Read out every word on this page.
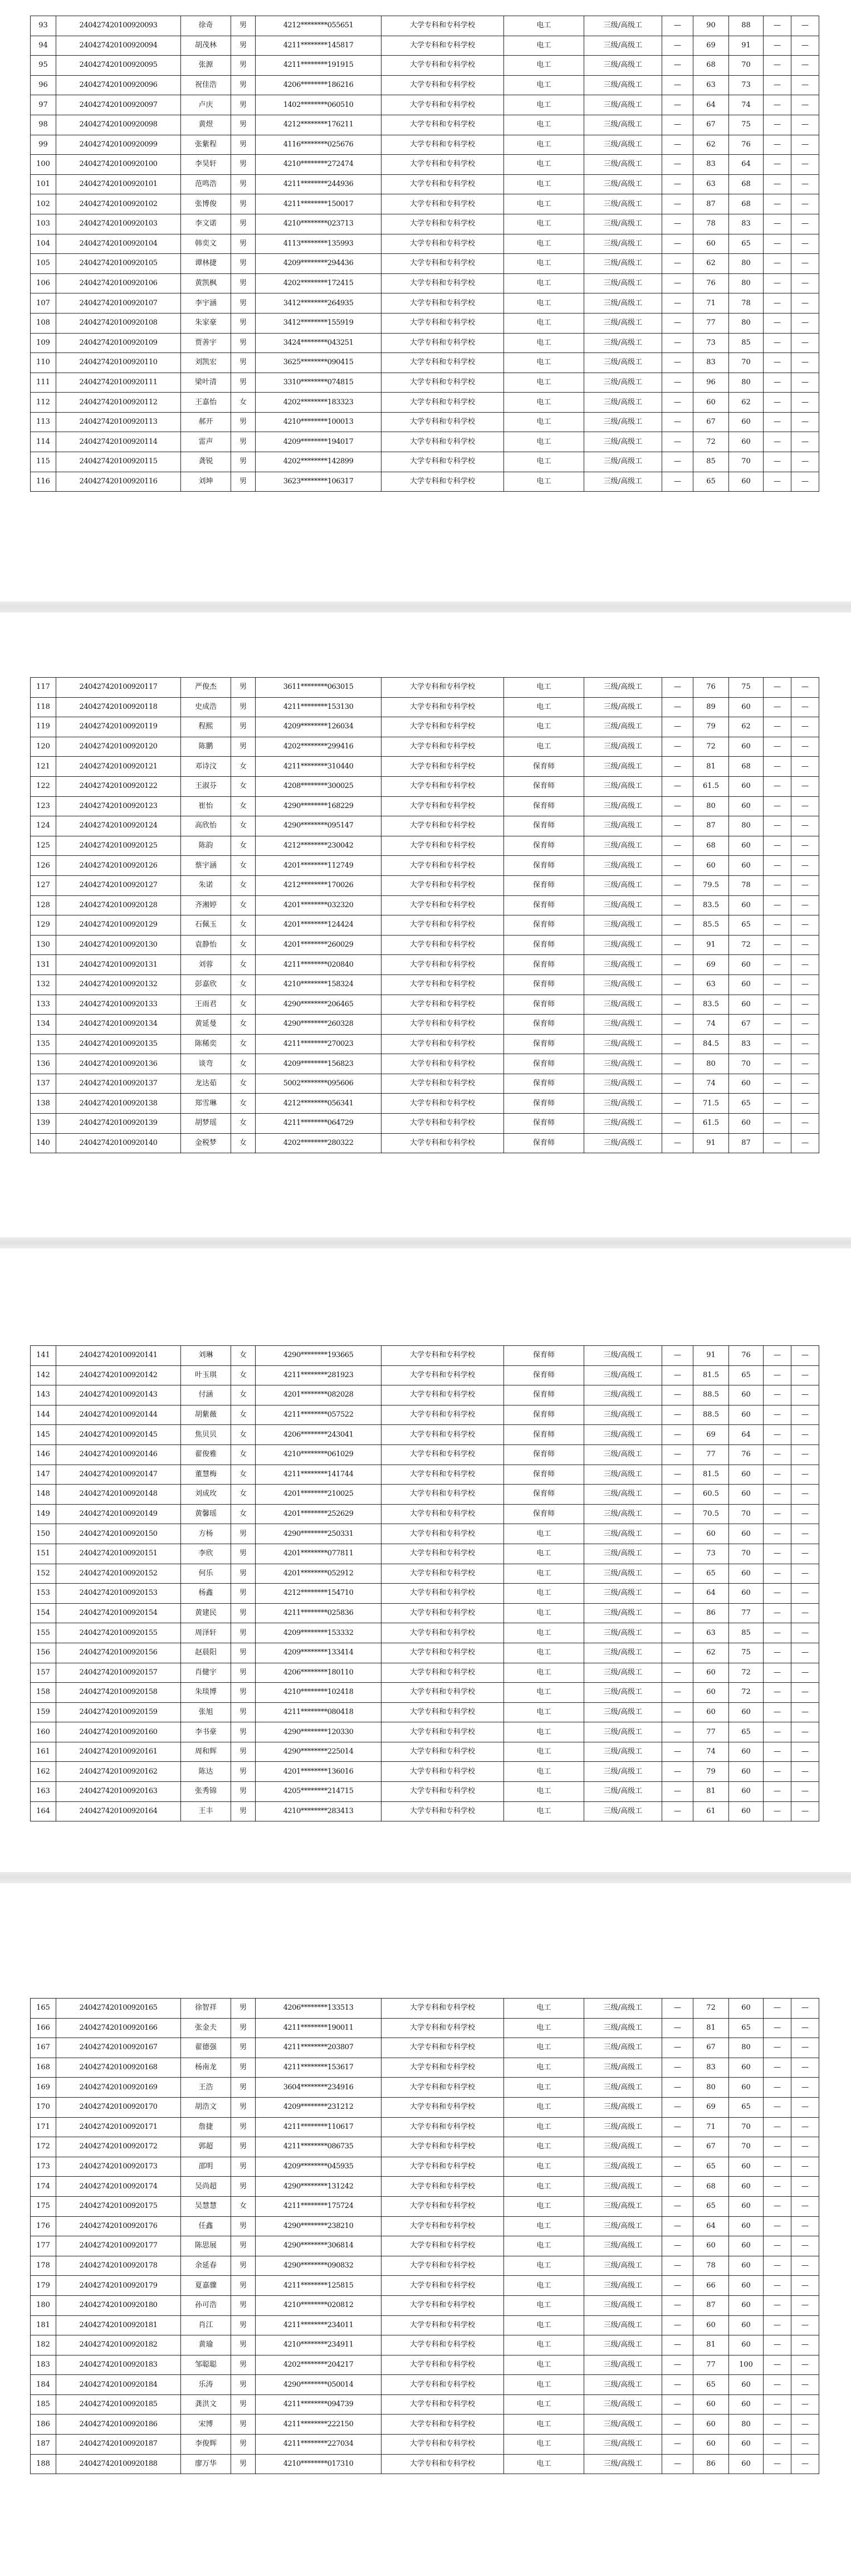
93	240427420100920093	徐奇	男	4212********055651	大学专科和专科学校	电工	三级/高级工	—	90	88	—	—
94	240427420100920094	胡茂林	男	4211********145817	大学专科和专科学校	电工	三级/高级工	—	69	91	—	—
95	240427420100920095	张源	男	4211********191915	大学专科和专科学校	电工	三级/高级工	—	68	70	—	—
96	240427420100920096	祝佳浩	男	4206********186216	大学专科和专科学校	电工	三级/高级工	—	63	73	—	—
97	240427420100920097	卢庆	男	1402********060510	大学专科和专科学校	电工	三级/高级工	—	64	74	—	—
98	240427420100920098	黄煜	男	4212********176211	大学专科和专科学校	电工	三级/高级工	—	67	75	—	—
99	240427420100920099	张紫程	男	4116********025676	大学专科和专科学校	电工	三级/高级工	—	62	76	—	—
100	240427420100920100	李昊轩	男	4210********272474	大学专科和专科学校	电工	三级/高级工	—	83	64	—	—
101	240427420100920101	范鸣浩	男	4211********244936	大学专科和专科学校	电工	三级/高级工	—	63	68	—	—
102	240427420100920102	张博俊	男	4211********150017	大学专科和专科学校	电工	三级/高级工	—	87	68	—	—
103	240427420100920103	李文诺	男	4210********023713	大学专科和专科学校	电工	三级/高级工	—	78	83	—	—
104	240427420100920104	韩奕文	男	4113********135993	大学专科和专科学校	电工	三级/高级工	—	60	65	—	—
105	240427420100920105	谭林捷	男	4209********294436	大学专科和专科学校	电工	三级/高级工	—	62	80	—	—
106	240427420100920106	黄凯枫	男	4202********172415	大学专科和专科学校	电工	三级/高级工	—	76	80	—	—
107	240427420100920107	李宇涵	男	3412********264935	大学专科和专科学校	电工	三级/高级工	—	71	78	—	—
108	240427420100920108	朱家豪	男	3412********155919	大学专科和专科学校	电工	三级/高级工	—	77	80	—	—
109	240427420100920109	贾善宇	男	3424********043251	大学专科和专科学校	电工	三级/高级工	—	73	85	—	—
110	240427420100920110	刘凯宏	男	3625********090415	大学专科和专科学校	电工	三级/高级工	—	83	70	—	—
111	240427420100920111	梁叶清	男	3310********074815	大学专科和专科学校	电工	三级/高级工	—	96	80	—	—
112	240427420100920112	王嘉怡	女	4202********183323	大学专科和专科学校	电工	三级/高级工	—	60	62	—	—
113	240427420100920113	郝开	男	4210********100013	大学专科和专科学校	电工	三级/高级工	—	67	60	—	—
114	240427420100920114	雷声	男	4209********194017	大学专科和专科学校	电工	三级/高级工	—	72	60	—	—
115	240427420100920115	龚锐	男	4202********142899	大学专科和专科学校	电工	三级/高级工	—	85	70	—	—
116	240427420100920116	刘坤	男	3623********106317	大学专科和专科学校	电工	三级/高级工	—	65	60	—	—
117	240427420100920117	严俊杰	男	3611********063015	大学专科和专科学校	电工	三级/高级工	—	76	75	—	—
118	240427420100920118	史成浩	男	4211********153130	大学专科和专科学校	电工	三级/高级工	—	89	60	—	—
119	240427420100920119	程熙	男	4209********126034	大学专科和专科学校	电工	三级/高级工	—	79	62	—	—
120	240427420100920120	陈鹏	男	4202********299416	大学专科和专科学校	电工	三级/高级工	—	72	60	—	—
121	240427420100920121	邓诗汶	女	4211********310440	大学专科和专科学校	保育师	三级/高级工	—	81	68	—	—
122	240427420100920122	王淑芬	女	4208********300025	大学专科和专科学校	保育师	三级/高级工	—	61.5	60	—	—
123	240427420100920123	崔怡	女	4290********168229	大学专科和专科学校	保育师	三级/高级工	—	80	60	—	—
124	240427420100920124	高欣怡	女	4290********095147	大学专科和专科学校	保育师	三级/高级工	—	87	80	—	—
125	240427420100920125	陈韵	女	4212********230042	大学专科和专科学校	保育师	三级/高级工	—	68	60	—	—
126	240427420100920126	蔡宇涵	女	4201********112749	大学专科和专科学校	保育师	三级/高级工	—	60	60	—	—
127	240427420100920127	朱诺	女	4212********170026	大学专科和专科学校	保育师	三级/高级工	—	79.5	78	—	—
128	240427420100920128	齐湘婷	女	4201********032320	大学专科和专科学校	保育师	三级/高级工	—	83.5	60	—	—
129	240427420100920129	石佩玉	女	4201********124424	大学专科和专科学校	保育师	三级/高级工	—	85.5	65	—	—
130	240427420100920130	袁静怡	女	4201********260029	大学专科和专科学校	保育师	三级/高级工	—	91	72	—	—
131	240427420100920131	刘蓉	女	4211********020840	大学专科和专科学校	保育师	三级/高级工	—	69	60	—	—
132	240427420100920132	彭嘉欣	女	4210********158324	大学专科和专科学校	保育师	三级/高级工	—	63	60	—	—
133	240427420100920133	王雨君	女	4290********206465	大学专科和专科学校	保育师	三级/高级工	—	83.5	60	—	—
134	240427420100920134	黄延曼	女	4290********260328	大学专科和专科学校	保育师	三级/高级工	—	74	67	—	—
135	240427420100920135	陈稀奕	女	4211********270023	大学专科和专科学校	保育师	三级/高级工	—	84.5	83	—	—
136	240427420100920136	谈弯	女	4209********156823	大学专科和专科学校	保育师	三级/高级工	—	80	70	—	—
137	240427420100920137	龙达茹	女	5002********095606	大学专科和专科学校	保育师	三级/高级工	—	74	60	—	—
138	240427420100920138	郑雪琳	女	4212********056341	大学专科和专科学校	保育师	三级/高级工	—	71.5	65	—	—
139	240427420100920139	胡梦瑶	女	4211********064729	大学专科和专科学校	保育师	三级/高级工	—	61.5	60	—	—
140	240427420100920140	金税梦	女	4202********280322	大学专科和专科学校	保育师	三级/高级工	—	91	87	—	—
141	240427420100920141	刘琳	女	4290********193665	大学专科和专科学校	保育师	三级/高级工	—	91	76	—	—
142	240427420100920142	叶玉琪	女	4211********281923	大学专科和专科学校	保育师	三级/高级工	—	81.5	65	—	—
143	240427420100920143	付涵	女	4201********082028	大学专科和专科学校	保育师	三级/高级工	—	88.5	60	—	—
144	240427420100920144	胡紫薇	女	4211********057522	大学专科和专科学校	保育师	三级/高级工	—	88.5	60	—	—
145	240427420100920145	焦贝贝	女	4206********243041	大学专科和专科学校	保育师	三级/高级工	—	69	64	—	—
146	240427420100920146	翟俊雅	女	4210********061029	大学专科和专科学校	保育师	三级/高级工	—	77	76	—	—
147	240427420100920147	董慧梅	女	4211********141744	大学专科和专科学校	保育师	三级/高级工	—	81.5	60	—	—
148	240427420100920148	刘成玫	女	4201********210025	大学专科和专科学校	保育师	三级/高级工	—	60.5	60	—	—
149	240427420100920149	黄馨瑶	女	4201********252629	大学专科和专科学校	保育师	三级/高级工	—	70.5	70	—	—
150	240427420100920150	方杨	男	4290********250331	大学专科和专科学校	电工	三级/高级工	—	60	60	—	—
151	240427420100920151	李欣	男	4201********077811	大学专科和专科学校	电工	三级/高级工	—	73	70	—	—
152	240427420100920152	何乐	男	4201********052912	大学专科和专科学校	电工	三级/高级工	—	65	60	—	—
153	240427420100920153	杨鑫	男	4212********154710	大学专科和专科学校	电工	三级/高级工	—	64	60	—	—
154	240427420100920154	黄建民	男	4211********025836	大学专科和专科学校	电工	三级/高级工	—	86	77	—	—
155	240427420100920155	周泽轩	男	4209********153332	大学专科和专科学校	电工	三级/高级工	—	63	85	—	—
156	240427420100920156	赵晨阳	男	4209********133414	大学专科和专科学校	电工	三级/高级工	—	62	75	—	—
157	240427420100920157	肖健宇	男	4206********180110	大学专科和专科学校	电工	三级/高级工	—	60	72	—	—
158	240427420100920158	朱琰博	男	4210********102418	大学专科和专科学校	电工	三级/高级工	—	60	72	—	—
159	240427420100920159	张旭	男	4211********080418	大学专科和专科学校	电工	三级/高级工	—	60	60	—	—
160	240427420100920160	李书豪	男	4290********120330	大学专科和专科学校	电工	三级/高级工	—	77	65	—	—
161	240427420100920161	周和辉	男	4290********225014	大学专科和专科学校	电工	三级/高级工	—	74	60	—	—
162	240427420100920162	陈达	男	4201********136016	大学专科和专科学校	电工	三级/高级工	—	79	60	—	—
163	240427420100920163	张秀锦	男	4205********214715	大学专科和专科学校	电工	三级/高级工	—	81	60	—	—
164	240427420100920164	王丰	男	4210********283413	大学专科和专科学校	电工	三级/高级工	—	61	60	—	—
165	240427420100920165	徐智祥	男	4206********133513	大学专科和专科学校	电工	三级/高级工	—	72	60	—	—
166	240427420100920166	张金夫	男	4211********190011	大学专科和专科学校	电工	三级/高级工	—	81	65	—	—
167	240427420100920167	翟德强	男	4211********203807	大学专科和专科学校	电工	三级/高级工	—	67	80	—	—
168	240427420100920168	杨南龙	男	4211********153617	大学专科和专科学校	电工	三级/高级工	—	83	60	—	—
169	240427420100920169	王浩	男	3604********234916	大学专科和专科学校	电工	三级/高级工	—	80	60	—	—
170	240427420100920170	胡浩文	男	4209********231212	大学专科和专科学校	电工	三级/高级工	—	69	65	—	—
171	240427420100920171	詹捷	男	4211********110617	大学专科和专科学校	电工	三级/高级工	—	71	70	—	—
172	240427420100920172	郭超	男	4211********086735	大学专科和专科学校	电工	三级/高级工	—	67	70	—	—
173	240427420100920173	邵明	男	4209********045935	大学专科和专科学校	电工	三级/高级工	—	65	60	—	—
174	240427420100920174	吴尚超	男	4290********131242	大学专科和专科学校	电工	三级/高级工	—	68	60	—	—
175	240427420100920175	吴慧慧	女	4211********175724	大学专科和专科学校	电工	三级/高级工	—	65	60	—	—
176	240427420100920176	任鑫	男	4290********238210	大学专科和专科学校	电工	三级/高级工	—	64	60	—	—
177	240427420100920177	陈思展	男	4290********306814	大学专科和专科学校	电工	三级/高级工	—	60	60	—	—
178	240427420100920178	余延春	男	4290********090832	大学专科和专科学校	电工	三级/高级工	—	78	60	—	—
179	240427420100920179	夏嘉骤	男	4211********125815	大学专科和专科学校	电工	三级/高级工	—	66	60	—	—
180	240427420100920180	孙可浩	男	4210********020812	大学专科和专科学校	电工	三级/高级工	—	87	60	—	—
181	240427420100920181	肖江	男	4211********234011	大学专科和专科学校	电工	三级/高级工	—	60	60	—	—
182	240427420100920182	黄瑜	男	4210********234911	大学专科和专科学校	电工	三级/高级工	—	81	60	—	—
183	240427420100920183	邹聪聪	男	4202********204217	大学专科和专科学校	电工	三级/高级工	—	77	100	—	—
184	240427420100920184	乐涛	男	4290********050014	大学专科和专科学校	电工	三级/高级工	—	65	60	—	—
185	240427420100920185	龚洪文	男	4211********094739	大学专科和专科学校	电工	三级/高级工	—	60	60	—	—
186	240427420100920186	宋博	男	4211********222150	大学专科和专科学校	电工	三级/高级工	—	60	80	—	—
187	240427420100920187	李俊辉	男	4211********227034	大学专科和专科学校	电工	三级/高级工	—	60	60	—	—
188	240427420100920188	廖万华	男	4210********017310	大学专科和专科学校	电工	三级/高级工	—	86	60	—	—
